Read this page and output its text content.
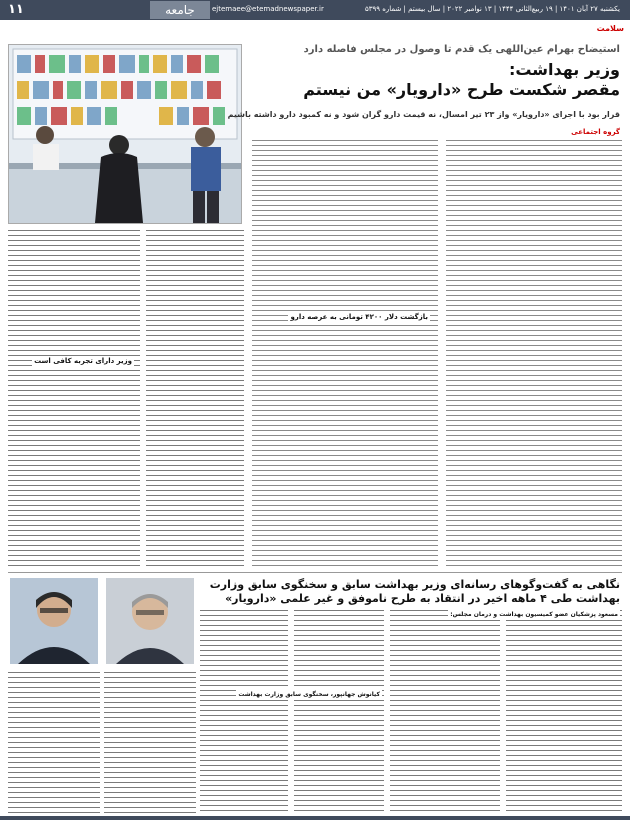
۱۱	جامعه	ejtemaee@etemadnewspaper.ir	یکشنبه ۲۷ آبان ۱۴۰۱ | ۱۹ ربیع‌الثانی ۱۴۴۴ | ۱۳ نوامبر ۲۰۲۲ | سال بیستم | شماره ۵۳۹۹
سلامت
استیضاح بهرام عین‌اللهی یک قدم تا وصول در مجلس فاصله دارد
وزیر بهداشت:
مقصر شکست طرح «دارویار» من نیستم
قرار بود با اجرای «دارویار» واز ۲۳ تیر امسال، نه قیمت دارو گران شود و نه کمبود دارو داشته باشیم
گروه اجتماعی
بازگشت دلار ۴۲۰۰ تومانی به عرصه دارو
وزیر دارای تجربه کافی است
نگاهی به گفت‌وگوهای رسانه‌ای وزیر بهداشت سابق و سخنگوی سابق وزارت
بهداشت طی ۴ ماهه اخیر در انتقاد به طرح ناموفق و غیر علمی «دارویار»
مسعود پزشکیان عضو کمیسیون بهداشت و درمان مجلس:
کیانوش جهانپور، سخنگوی سابق وزارت بهداشت
